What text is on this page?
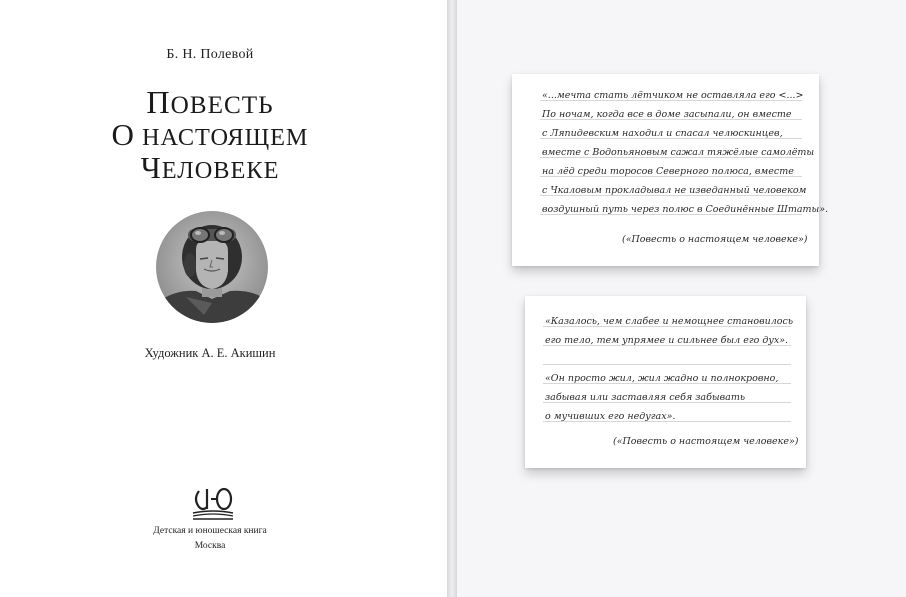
Б. Н. Полевой
ПОВЕСТЬ
О НАСТОЯЩЕМ
ЧЕЛОВЕКЕ
Художник А. Е. Акишин
Детская и юношеская книга
Москва
«...мечта стать лётчиком не оставляла его <...>
По ночам, когда все в доме засыпали, он вместе
с Ляпидевским находил и спасал челюскинцев,
вместе с Водопьяновым сажал тяжёлые самолёты
на лёд среди торосов Северного полюса, вместе
с Чкаловым прокладывал не изведанный человеком
воздушный путь через полюс в Соединённые Штаты».
(«Повесть о настоящем человеке»)
«Казалось, чем слабее и немощнее становилось
его тело, тем упрямее и сильнее был его дух».
«Он просто жил, жил жадно и полнокровно,
забывая или заставляя себя забывать
о мучивших его недугах».
(«Повесть о настоящем человеке»)
